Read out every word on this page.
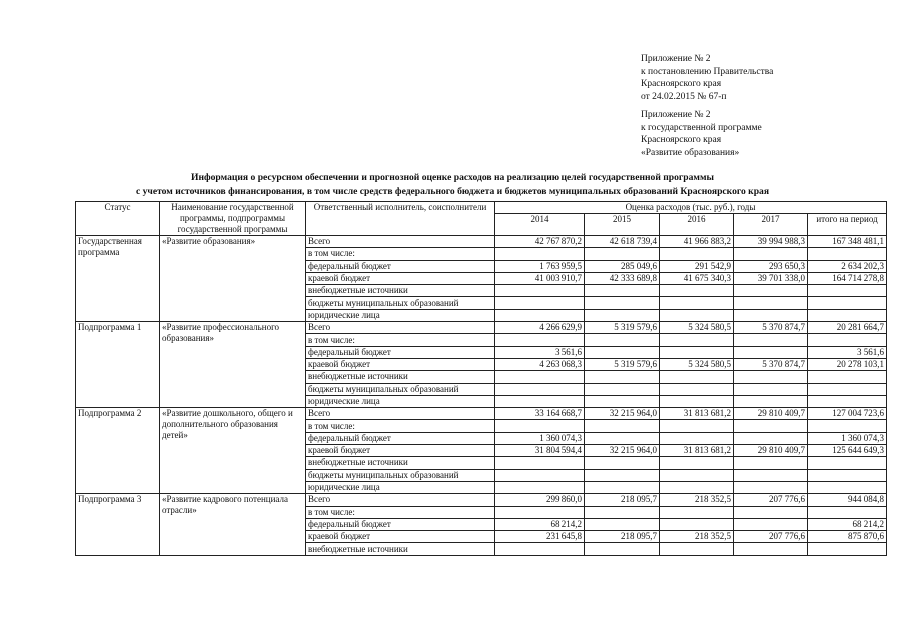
Приложение № 2
к постановлению Правительства
Красноярского края
от 24.02.2015 № 67-п
Приложение № 2
к государственной программе
Красноярского края
«Развитие образования»
Информация о ресурсном обеспечении и прогнозной оценке расходов на реализацию целей государственной программы
с учетом источников финансирования, в том числе средств федерального бюджета и бюджетов муниципальных образований Красноярского края
Статус	Наименование государственной программы, подпрограммы государственной программы	Ответственный исполнитель, соисполнители	Оценка расходов (тыс. руб.), годы				
			2014	2015	2016	2017	итого на период

Государственная программа	«Развитие образования»	Всего	42 767 870,2	42 618 739,4	41 966 883,2	39 994 988,3	167 348 481,1
		в том числе:					
		федеральный бюджет	1 763 959,5	285 049,6	291 542,9	293 650,3	2 634 202,3
		краевой бюджет	41 003 910,7	42 333 689,8	41 675 340,3	39 701 338,0	164 714 278,8
		внебюджетные источники					
		бюджеты муниципальных образований					
		юридические лица					
Подпрограмма 1	«Развитие профессионального образования»	Всего	4 266 629,9	5 319 579,6	5 324 580,5	5 370 874,7	20 281 664,7
		в том числе:					
		федеральный бюджет	3 561,6				3 561,6
		краевой бюджет	4 263 068,3	5 319 579,6	5 324 580,5	5 370 874,7	20 278 103,1
		внебюджетные источники					
		бюджеты муниципальных образований					
		юридические лица					
Подпрограмма 2	«Развитие дошкольного, общего и дополнительного образования детей»	Всего	33 164 668,7	32 215 964,0	31 813 681,2	29 810 409,7	127 004 723,6
		в том числе:					
		федеральный бюджет	1 360 074,3				1 360 074,3
		краевой бюджет	31 804 594,4	32 215 964,0	31 813 681,2	29 810 409,7	125 644 649,3
		внебюджетные источники					
		бюджеты муниципальных образований					
		юридические лица					
Подпрограмма 3	«Развитие кадрового потенциала отрасли»	Всего	299 860,0	218 095,7	218 352,5	207 776,6	944 084,8
		в том числе:					
		федеральный бюджет	68 214,2				68 214,2
		краевой бюджет	231 645,8	218 095,7	218 352,5	207 776,6	875 870,6
		внебюджетные источники					
